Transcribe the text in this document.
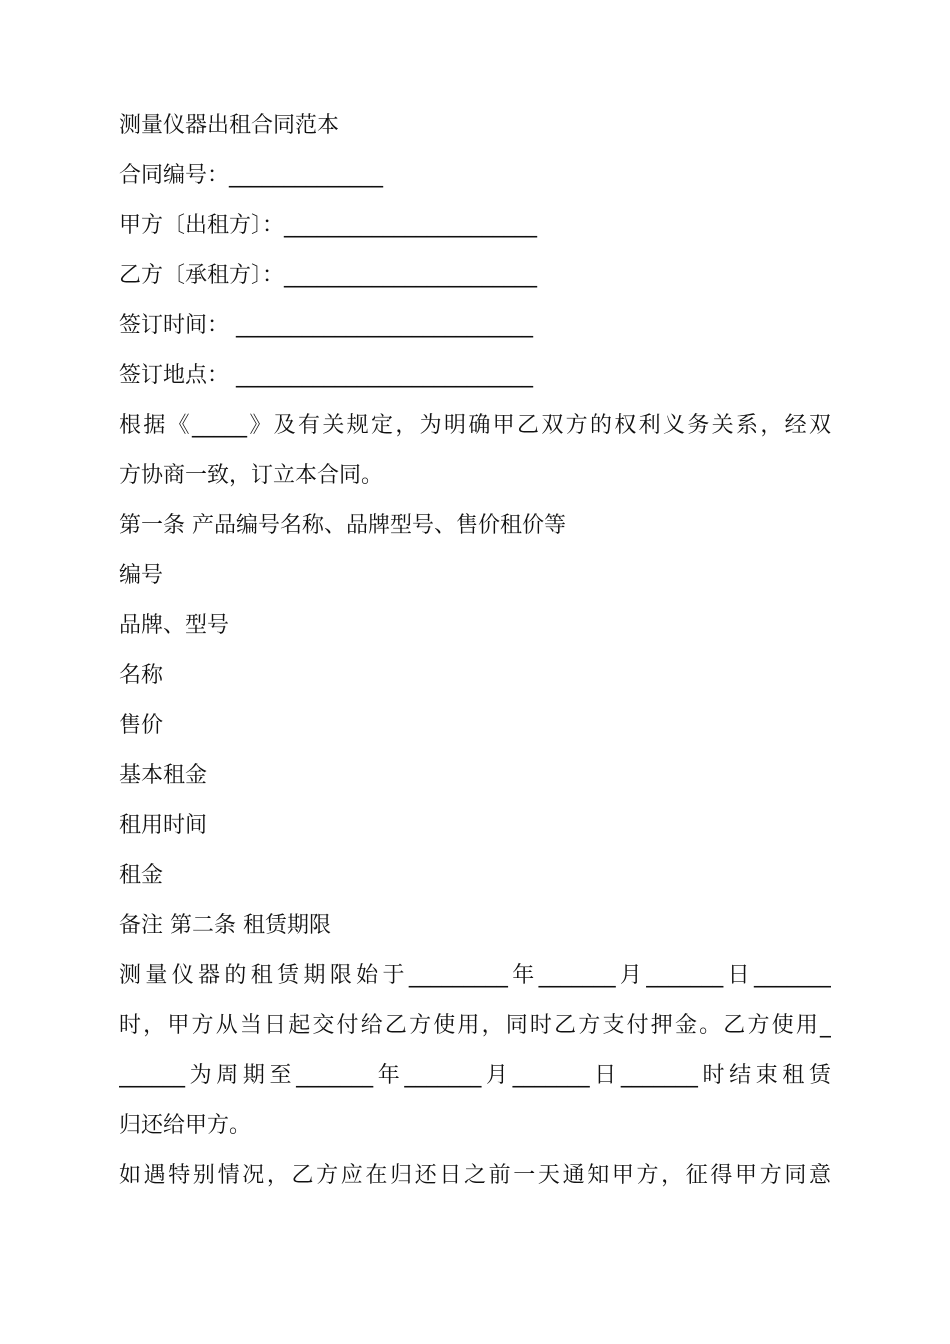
测量仪器出租合同范本
合同编号：______________
甲方〔出租方〕：_______________________
乙方〔承租方〕：_______________________
签订时间： ___________________________
签订地点： ___________________________
根据《_____》及有关规定，为明确甲乙双方的权利义务关系，经双
方协商一致，订立本合同。
第一条 产品编号名称、品牌型号、售价租价等
编号
品牌、型号
名称
售价
基本租金
租用时间
租金
备注 第二条 租赁期限
测量仪器的租赁期限始于_________年_______月_______日_______
时，甲方从当日起交付给乙方使用，同时乙方支付押金。乙方使用_
______为周期至_______年_______月_______日_______时结束租赁
归还给甲方。
如遇特别情况，乙方应在归还日之前一天通知甲方，征得甲方同意
